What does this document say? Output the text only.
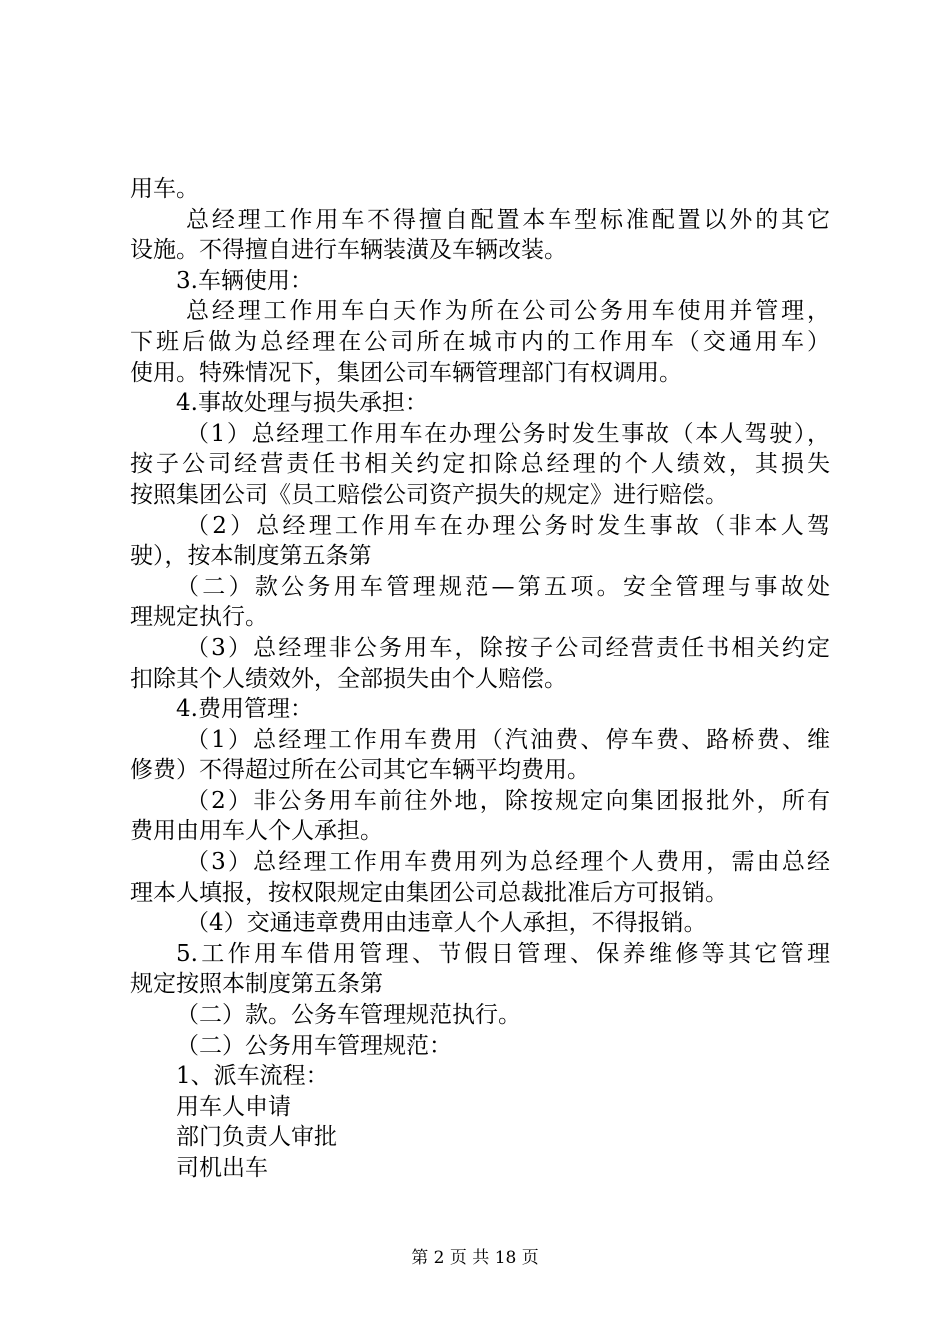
用车。
总经理工作用车不得擅自配置本车型标准配置以外的其它
设施。不得擅自进行车辆装潢及车辆改装。
3.车辆使用：
总经理工作用车白天作为所在公司公务用车使用并管理，
下班后做为总经理在公司所在城市内的工作用车（交通用车）
使用。特殊情况下，集团公司车辆管理部门有权调用。
4.事故处理与损失承担：
（1）总经理工作用车在办理公务时发生事故（本人驾驶），
按子公司经营责任书相关约定扣除总经理的个人绩效，其损失
按照集团公司《员工赔偿公司资产损失的规定》进行赔偿。
（2）总经理工作用车在办理公务时发生事故（非本人驾
驶），按本制度第五条第
（二）款公务用车管理规范—第五项。安全管理与事故处
理规定执行。
（3）总经理非公务用车，除按子公司经营责任书相关约定
扣除其个人绩效外，全部损失由个人赔偿。
4.费用管理：
（1）总经理工作用车费用（汽油费、停车费、路桥费、维
修费）不得超过所在公司其它车辆平均费用。
（2）非公务用车前往外地，除按规定向集团报批外，所有
费用由用车人个人承担。
（3）总经理工作用车费用列为总经理个人费用，需由总经
理本人填报，按权限规定由集团公司总裁批准后方可报销。
（4）交通违章费用由违章人个人承担，不得报销。
5.工作用车借用管理、节假日管理、保养维修等其它管理
规定按照本制度第五条第
（二）款。公务车管理规范执行。
（二）公务用车管理规范：
1、派车流程：
用车人申请
部门负责人审批
司机出车
第 2 页 共 18 页
